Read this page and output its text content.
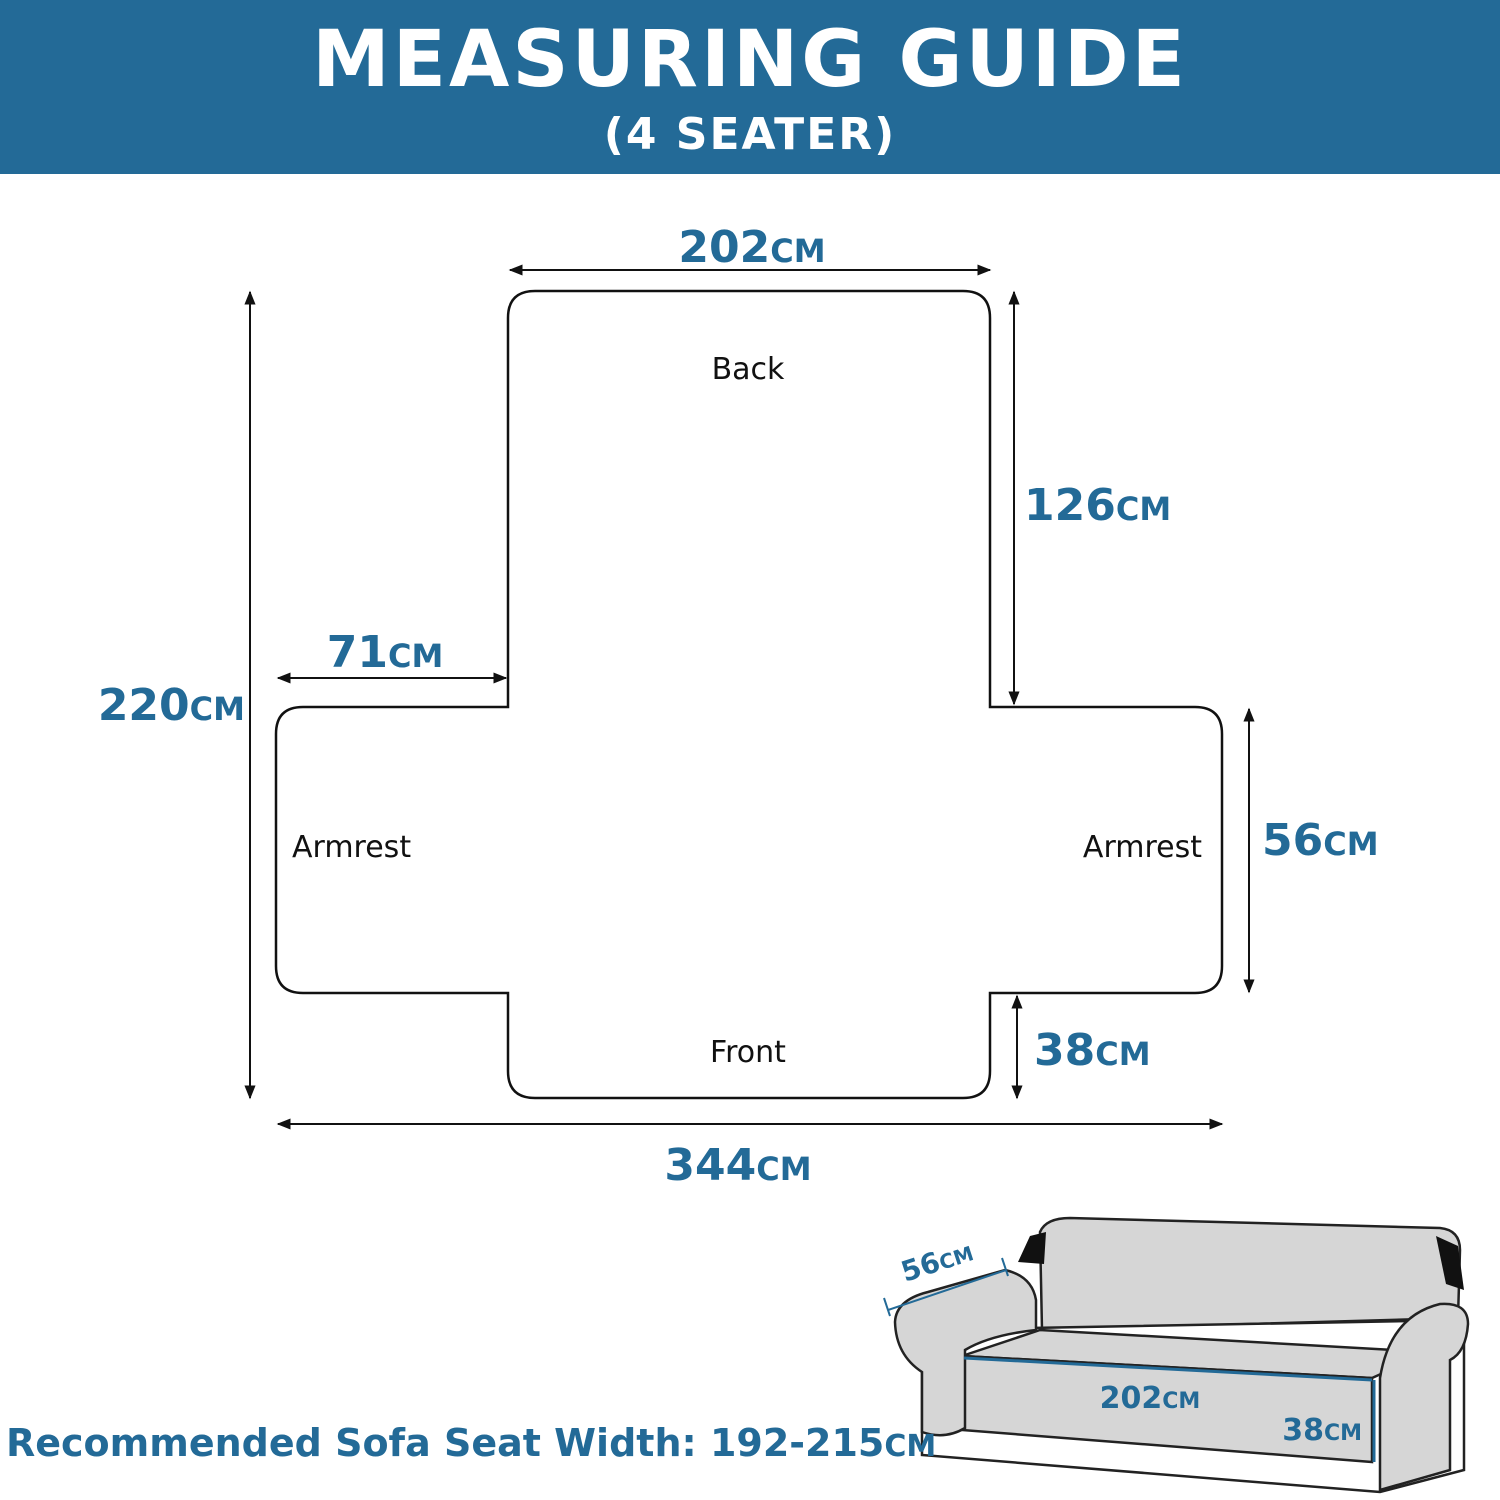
MEASURING GUIDE
(4 SEATER)
202CM
126CM
220CM
71CM
56CM
38CM
344CM
Back
Front
Armrest	Armrest
56CM
202CM
38CM
Recommended Sofa Seat Width: 192-215CM
